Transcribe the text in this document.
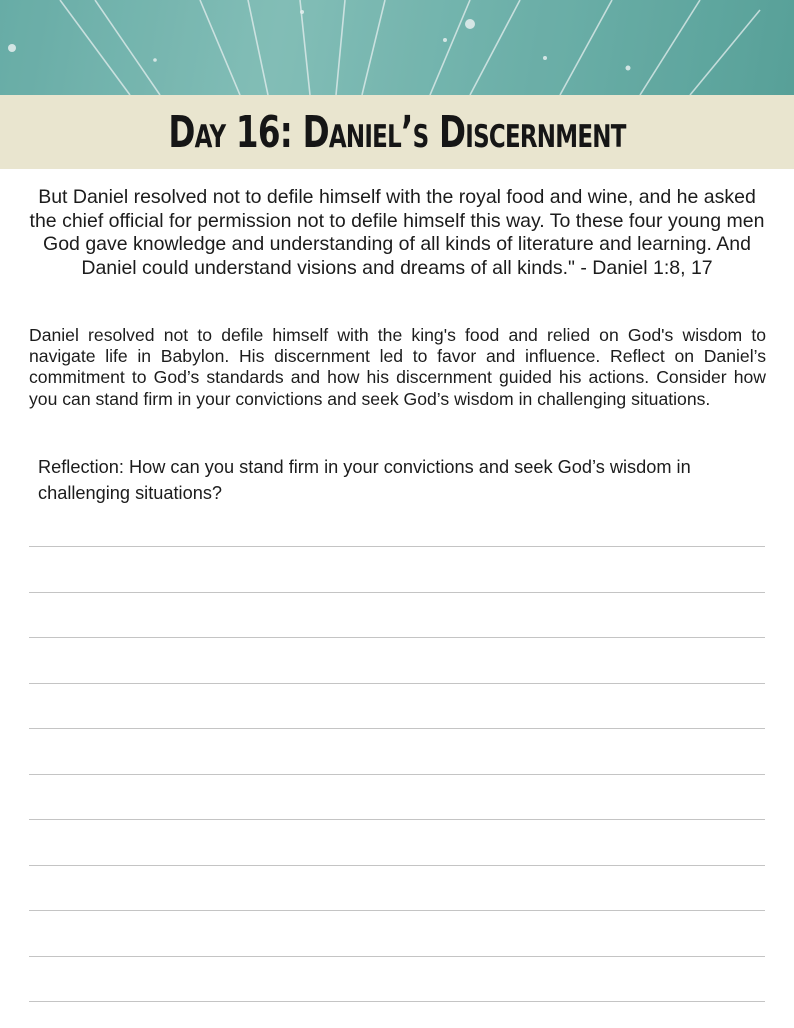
Day 16: Daniel’s Discernment

But Daniel resolved not to defile himself with the royal food and wine, and he asked the chief official for permission not to defile himself this way. To these four young men God gave knowledge and understanding of all kinds of literature and learning. And Daniel could understand visions and dreams of all kinds." - Daniel 1:8, 17

Daniel resolved not to defile himself with the king's food and relied on God's wisdom to navigate life in Babylon. His discernment led to favor and influence. Reflect on Daniel’s commitment to God’s standards and how his discernment guided his actions. Consider how you can stand firm in your convictions and seek God’s wisdom in challenging situations.

Reflection: How can you stand firm in your convictions and seek God’s wisdom in challenging situations?
